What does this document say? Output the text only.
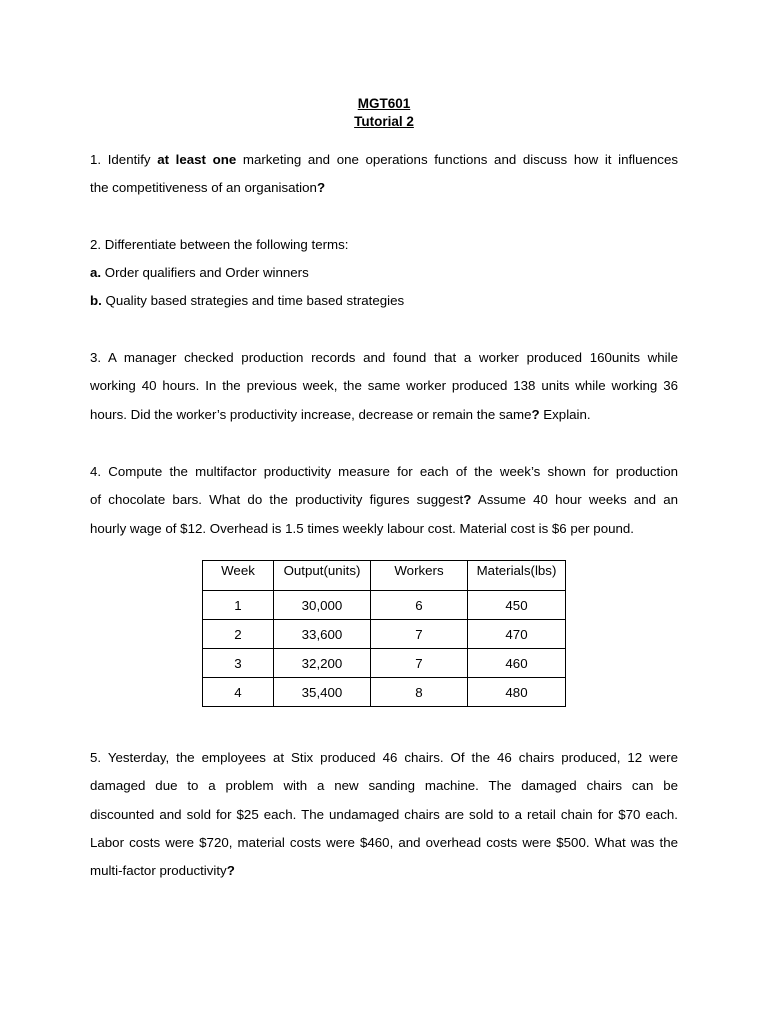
MGT601
Tutorial 2
1. Identify at least one marketing and one operations functions and discuss how it influences
the competitiveness of an organisation?
2. Differentiate between the following terms:
a. Order qualifiers and Order winners
b. Quality based strategies and time based strategies
3. A manager checked production records and found that a worker produced 160units while
working 40 hours. In the previous week, the same worker produced 138 units while working 36
hours. Did the worker’s productivity increase, decrease or remain the same? Explain.
4. Compute the multifactor productivity measure for each of the week’s shown for production
of chocolate bars. What do the productivity figures suggest? Assume 40 hour weeks and an
hourly wage of $12. Overhead is 1.5 times weekly labour cost. Material cost is $6 per pound.
Week	Output(units)	Workers	Materials(lbs)
1	30,000	6	450
2	33,600	7	470
3	32,200	7	460
4	35,400	8	480
5. Yesterday, the employees at Stix produced 46 chairs. Of the 46 chairs produced, 12 were
damaged due to a problem with a new sanding machine. The damaged chairs can be
discounted and sold for $25 each. The undamaged chairs are sold to a retail chain for $70 each.
Labor costs were $720, material costs were $460, and overhead costs were $500. What was the
multi-factor productivity?
